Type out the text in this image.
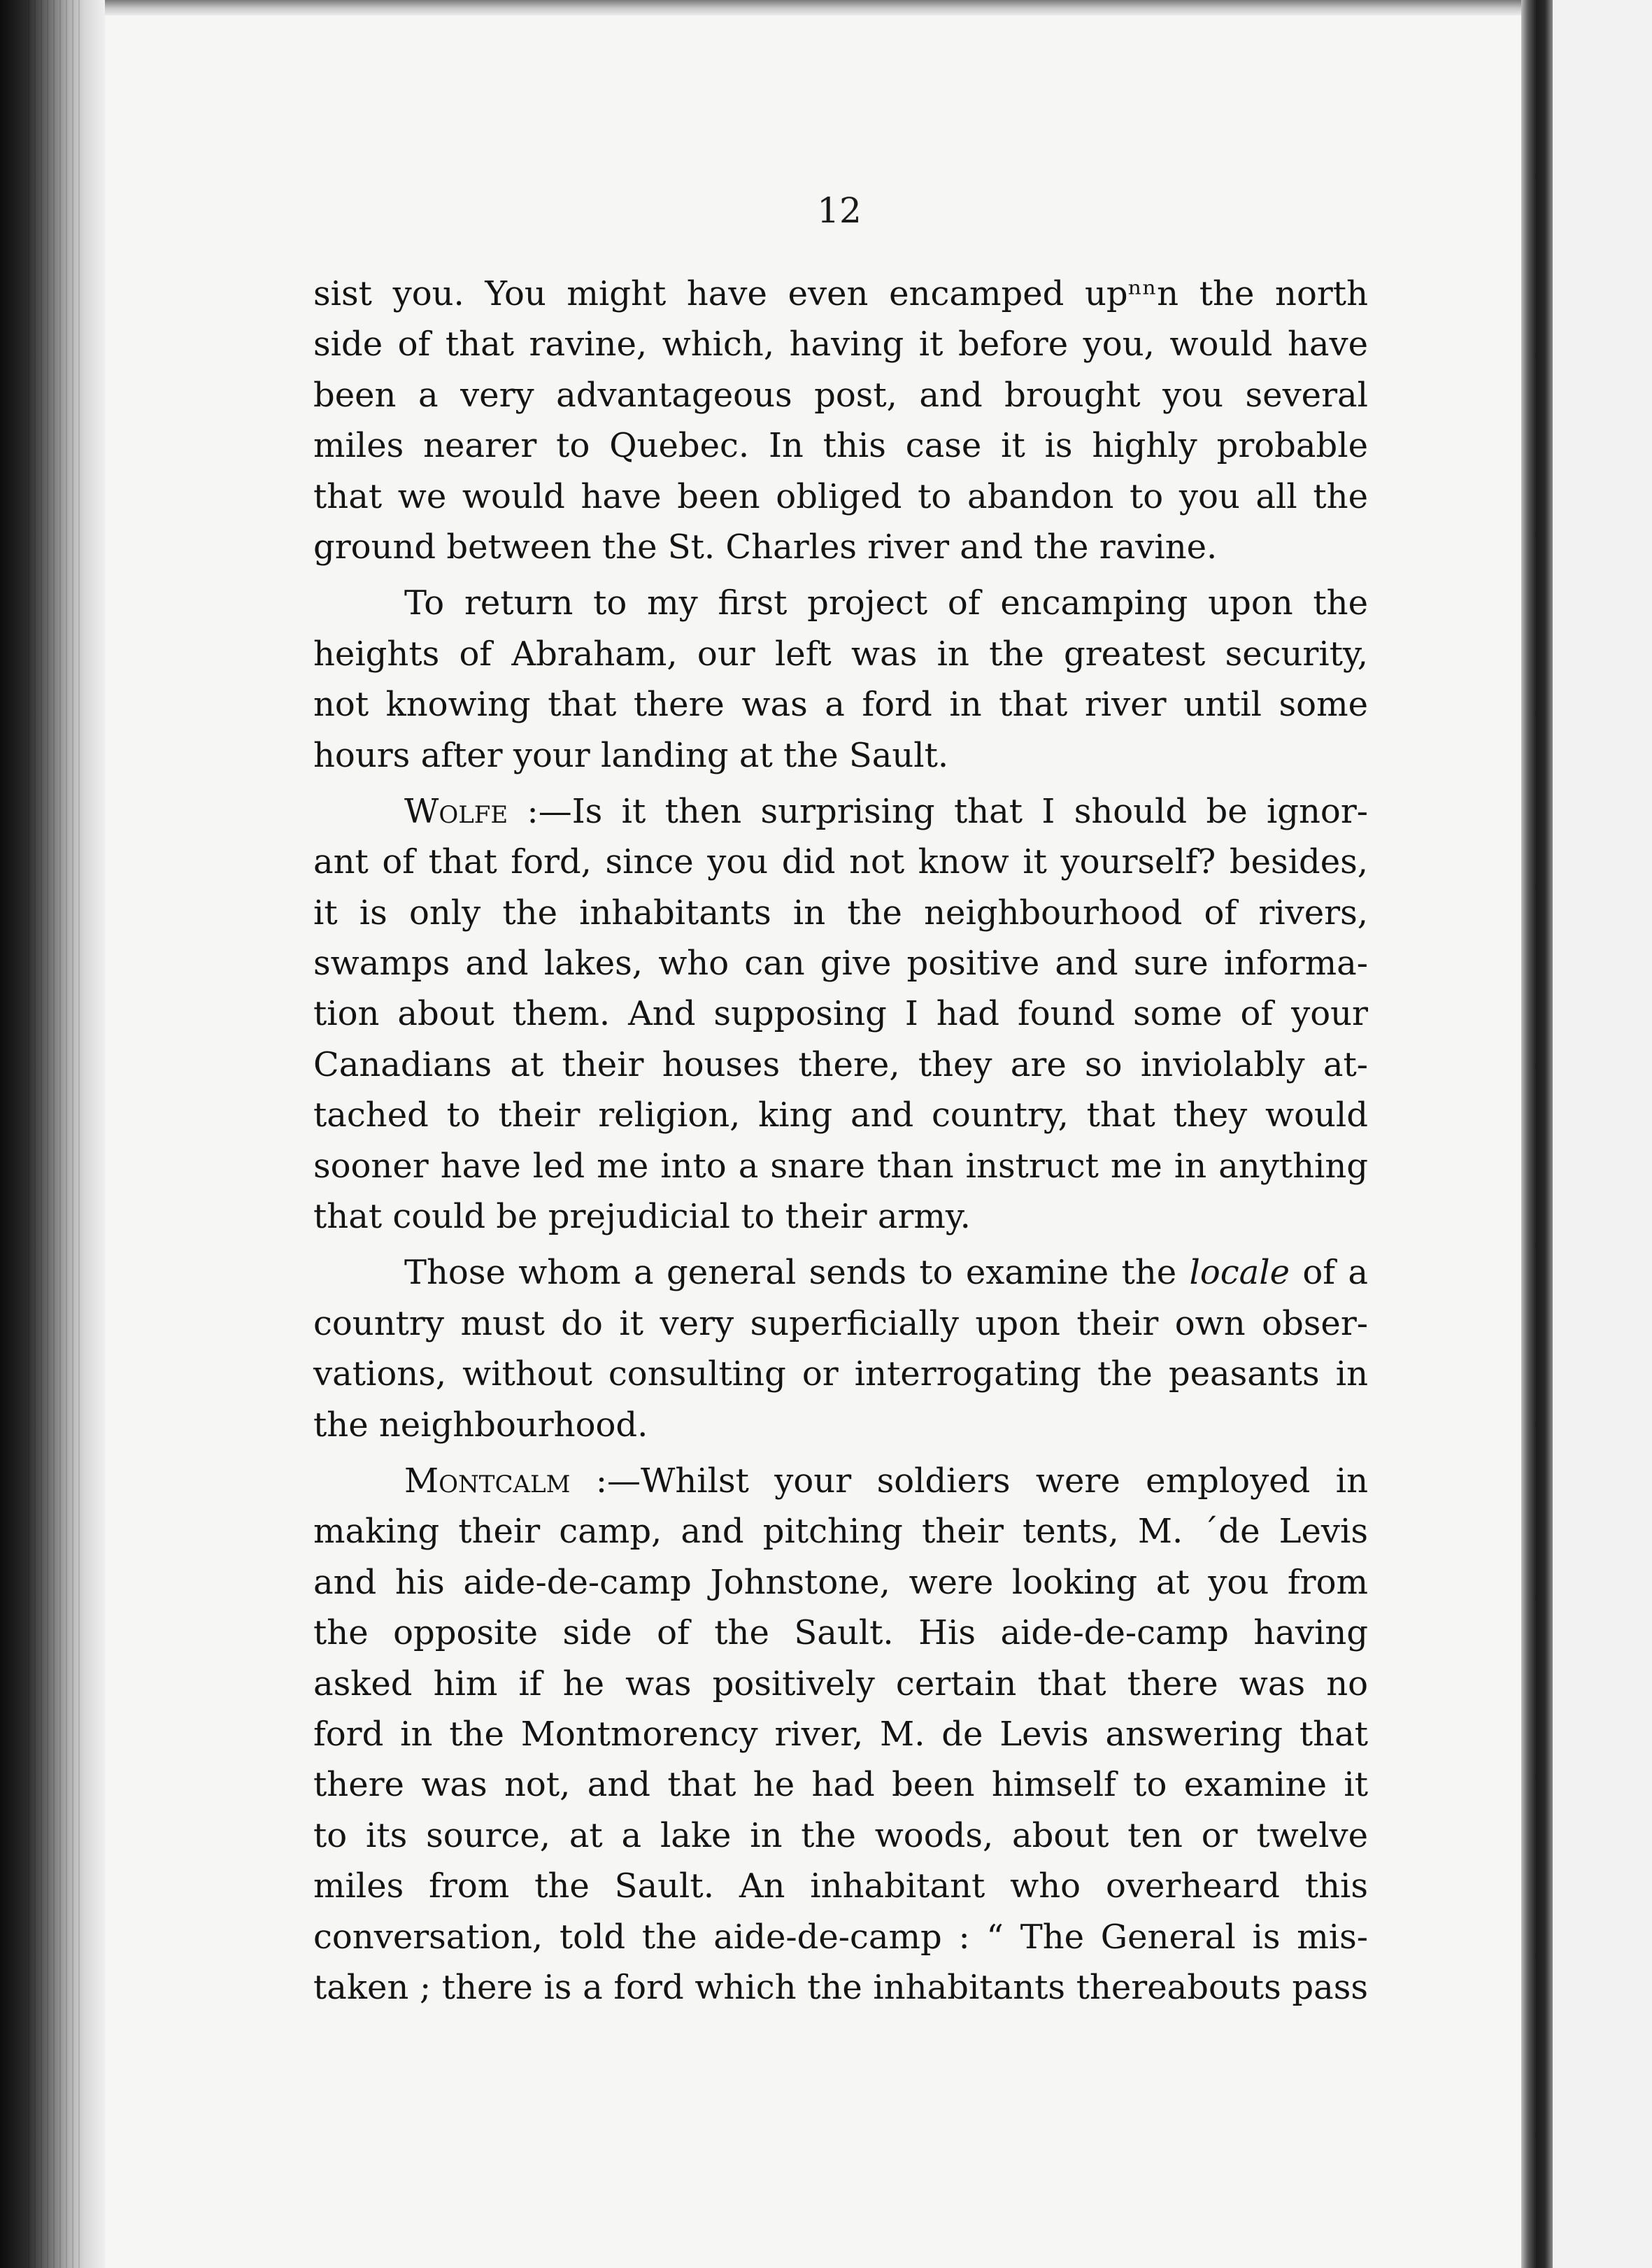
12
sist you. You might have even encamped upⁿⁿn the north
side of that ravine, which, having it before you, would have
been a very advantageous post, and brought you several
miles nearer to Quebec. In this case it is highly probable
that we would have been obliged to abandon to you all the
ground between the St. Charles river and the ravine.
To return to my first project of encamping upon the
heights of Abraham, our left was in the greatest security,
not knowing that there was a ford in that river until some
hours after your landing at the Sault.
Wolfe :—Is it then surprising that I should be ignor-
ant of that ford, since you did not know it yourself? besides,
it is only the inhabitants in the neighbourhood of rivers,
swamps and lakes, who can give positive and sure informa-
tion about them. And supposing I had found some of your
Canadians at their houses there, they are so inviolably at-
tached to their religion, king and country, that they would
sooner have led me into a snare than instruct me in anything
that could be prejudicial to their army.
Those whom a general sends to examine the locale of a
country must do it very superficially upon their own obser-
vations, without consulting or interrogating the peasants in
the neighbourhood.
Montcalm :—Whilst your soldiers were employed in
making their camp, and pitching their tents, M. ´de Levis
and his aide-de-camp Johnstone, were looking at you from
the opposite side of the Sault. His aide-de-camp having
asked him if he was positively certain that there was no
ford in the Montmorency river, M. de Levis answering that
there was not, and that he had been himself to examine it
to its source, at a lake in the woods, about ten or twelve
miles from the Sault. An inhabitant who overheard this
conversation, told the aide-de-camp : “ The General is mis-
taken ; there is a ford which the inhabitants thereabouts pass
